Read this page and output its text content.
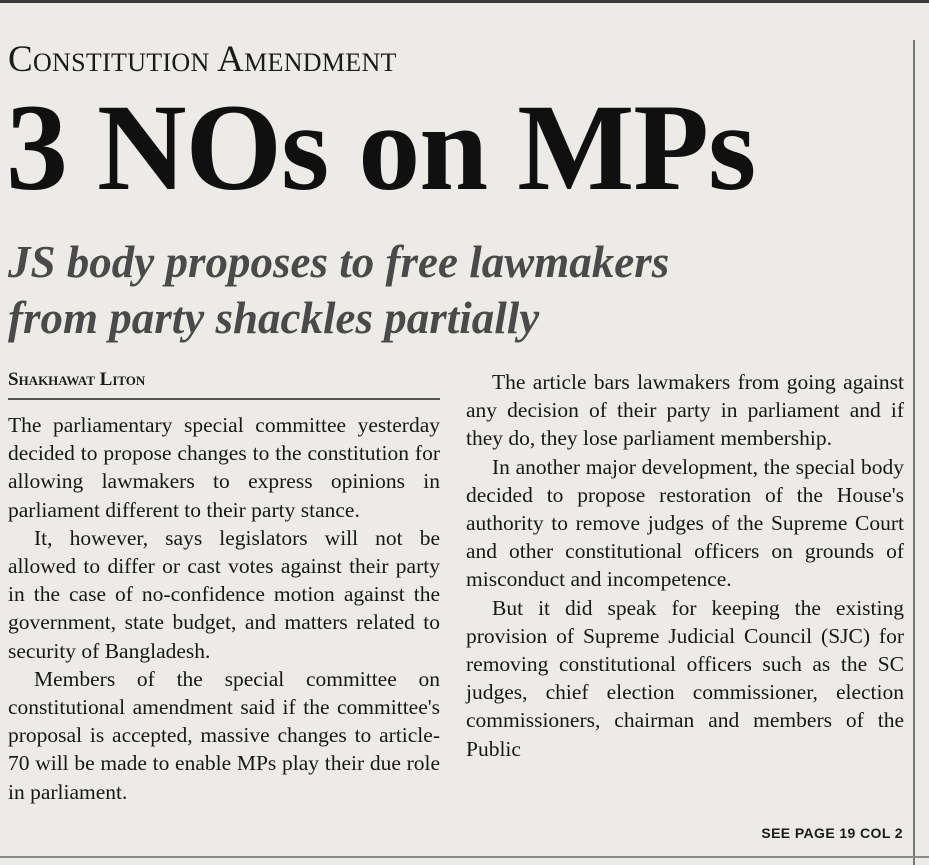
Constitution Amendment
3 NOs on MPs
JS body proposes to free lawmakers
from party shackles partially
Shakhawat Liton

The parliamentary special committee yesterday decided to propose changes to the constitution for allowing lawmakers to express opinions in parliament different to their party stance.

It, however, says legislators will not be allowed to differ or cast votes against their party in the case of no-confidence motion against the government, state budget, and matters related to security of Bangladesh.

Members of the special committee on constitutional amendment said if the committee's proposal is accepted, massive changes to article-70 will be made to enable MPs play their due role in parliament.

The article bars lawmakers from going against any decision of their party in parliament and if they do, they lose parliament membership.

In another major development, the special body decided to propose restoration of the House's authority to remove judges of the Supreme Court and other constitutional officers on grounds of misconduct and incompetence.

But it did speak for keeping the existing provision of Supreme Judicial Council (SJC) for removing constitutional officers such as the SC judges, chief election commissioner, election commissioners, chairman and members of the Public

SEE PAGE 19 COL 2
